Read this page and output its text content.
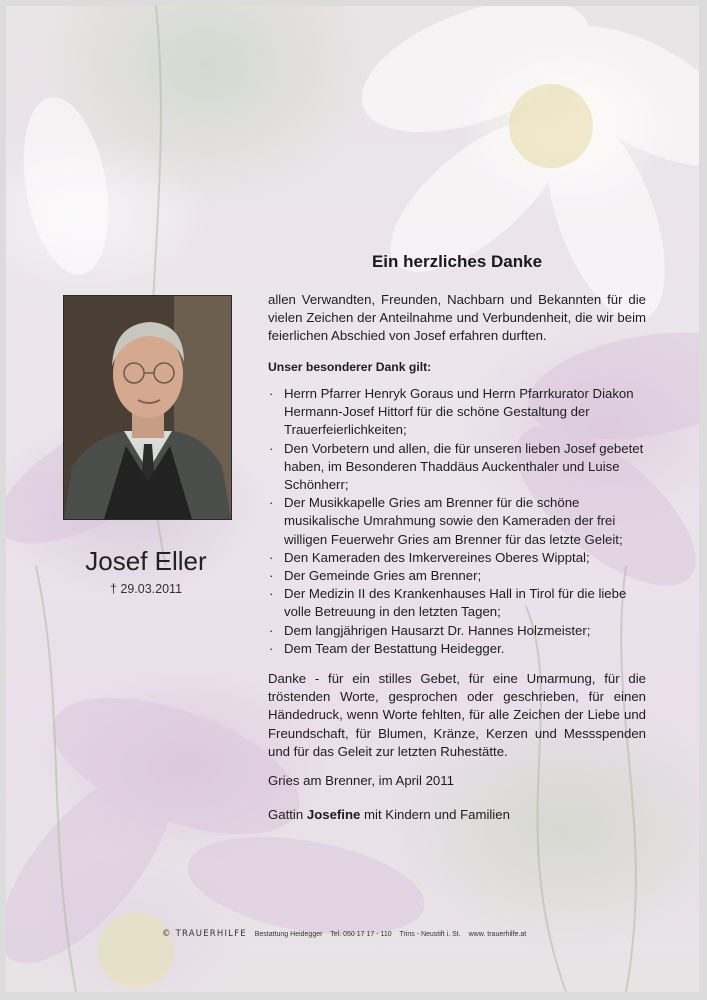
Josef Eller
† 29.03.2011
Ein herzliches Danke
allen Verwandten, Freunden, Nachbarn und Bekannten für die vielen Zeichen der Anteilnahme und Verbundenheit, die wir beim feierlichen Abschied von Josef erfahren durften.
Unser besonderer Dank gilt:
· Herrn Pfarrer Henryk Goraus und Herrn Pfarrkurator Diakon Hermann-Josef Hittorf für die schöne Gestaltung der Trauerfeierlichkeiten;
· Den Vorbetern und allen, die für unseren lieben Josef gebetet haben, im Besonderen Thaddäus Auckenthaler und Luise Schönherr;
· Der Musikkapelle Gries am Brenner für die schöne musikalische Umrahmung sowie den Kameraden der frei willigen Feuerwehr Gries am Brenner für das letzte Geleit;
· Den Kameraden des Imkervereines Oberes Wipptal;
· Der Gemeinde Gries am Brenner;
· Der Medizin II des Krankenhauses Hall in Tirol für die liebe volle Betreuung in den letzten Tagen;
· Dem langjährigen Hausarzt Dr. Hannes Holzmeister;
· Dem Team der Bestattung Heidegger.
Danke - für ein stilles Gebet, für eine Umarmung, für die tröstenden Worte, gesprochen oder geschrieben, für einen Händedruck, wenn Worte fehlten, für alle Zeichen der Liebe und Freundschaft, für Blumen, Kränze, Kerzen und Messspenden und für das Geleit zur letzten Ruhestätte.
Gries am Brenner, im April 2011
Gattin Josefine mit Kindern und Familien
© TRAUERHILFE Bestattung Heidegger Tel. 050 17 17 - 110 Trins - Neustift i. St. www. trauerhilfe.at
